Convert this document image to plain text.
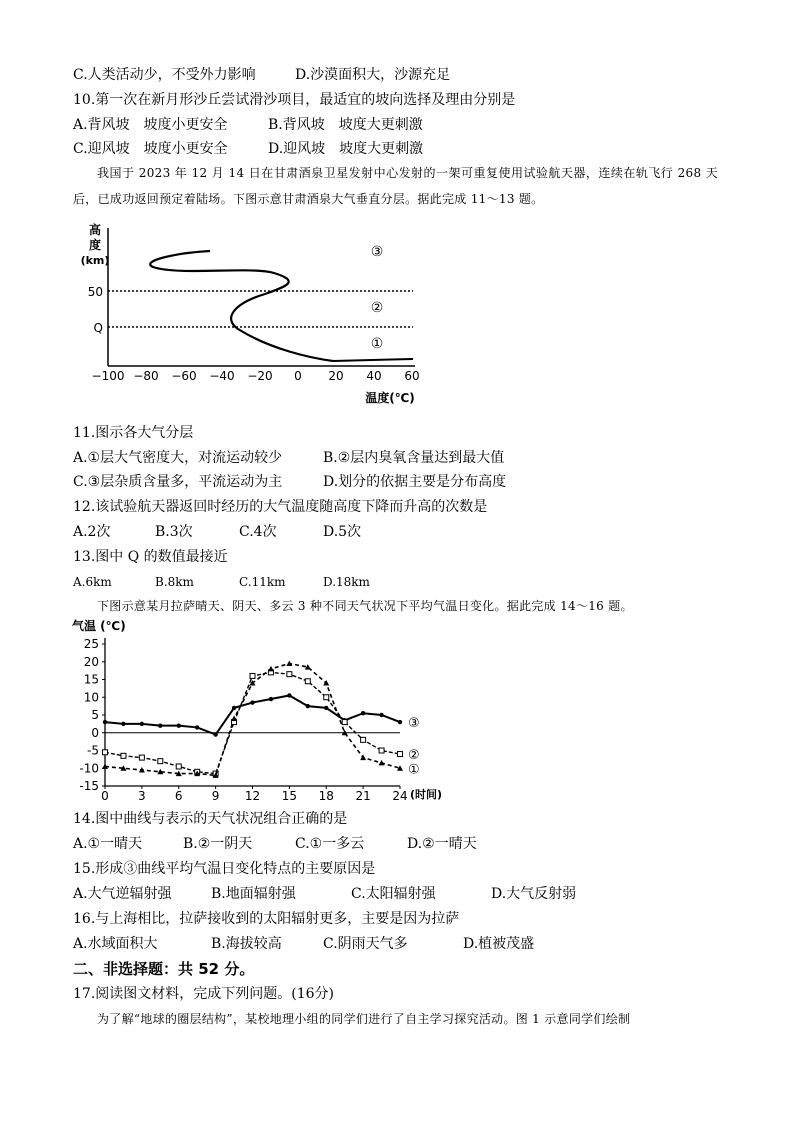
C.人类活动少，不受外力影响	D.沙漠面积大，沙源充足
10.第一次在新月形沙丘尝试滑沙项目，最适宜的坡向选择及理由分别是
A.背风坡　坡度小更安全	B.背风坡　坡度大更刺激
C.迎风坡　坡度小更安全	D.迎风坡　坡度大更刺激
我国于 2023 年 12 月 14 日在甘肃酒泉卫星发射中心发射的一架可重复使用试验航天器，连续在轨飞行 268 天后，已成功返回预定着陆场。下图示意甘肃酒泉大气垂直分层。据此完成 11～13 题。
高
度
(km)
50
Q
③
②
①
−100 −80 −60 −40 −20 0 20 40 60
温度(℃)
11.图示各大气分层
A.①层大气密度大，对流运动较少	B.②层内臭氧含量达到最大值
C.③层杂质含量多，平流运动为主	D.划分的依据主要是分布高度
12.该试验航天器返回时经历的大气温度随高度下降而升高的次数是
A.2次	B.3次	C.4次	D.5次
13.图中 Q 的数值最接近
A.6km	B.8km	C.11km	D.18km
下图示意某月拉萨晴天、阴天、多云 3 种不同天气状况下平均气温日变化。据此完成 14～16 题。
气温 (℃)
-15
-10
-5
0
5
10
15
20
25
0 3 6 9 12 15 18 21 24
③
②
①
(时间)
14.图中曲线与表示的天气状况组合正确的是
A.①一晴天	B.②一阴天	C.①一多云	D.②一晴天
15.形成③曲线平均气温日变化特点的主要原因是
A.大气逆辐射强	B.地面辐射强	C.太阳辐射强	D.大气反射弱
16.与上海相比，拉萨接收到的太阳辐射更多，主要是因为拉萨
A.水域面积大	B.海拔较高	C.阴雨天气多	D.植被茂盛
二、非选择题：共 52 分。
17.阅读图文材料，完成下列问题。(16分)
为了解“地球的圈层结构”，某校地理小组的同学们进行了自主学习探究活动。图 1 示意同学们绘制
